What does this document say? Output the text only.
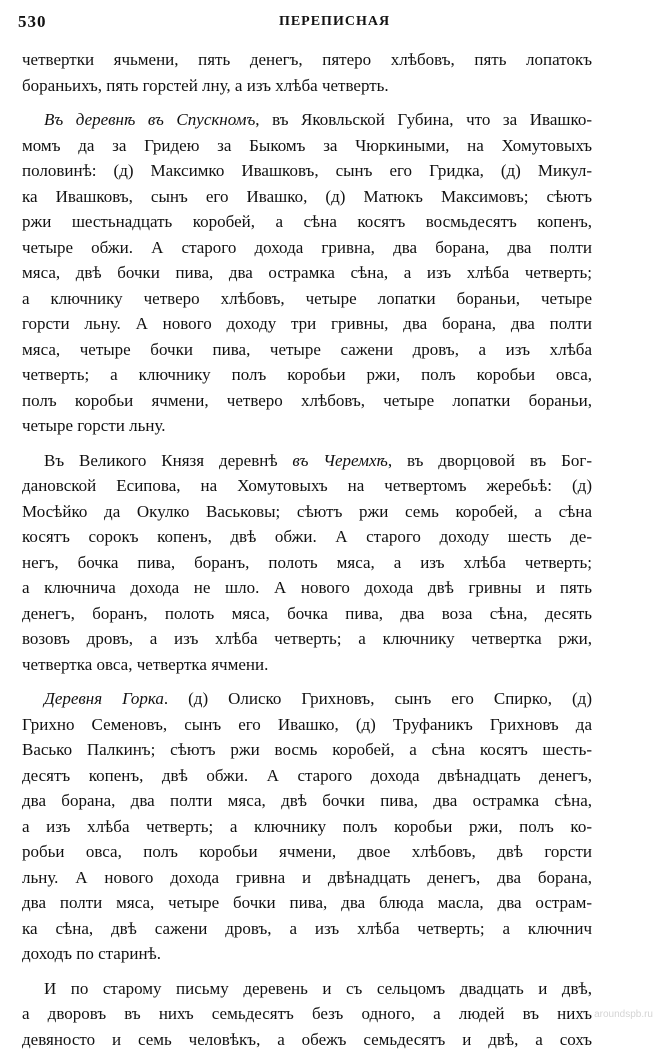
530	ПЕРЕПИСНАЯ
четвертки ячьмени, пять денегъ, пятеро хлѣбовъ, пять лопатокъ
бораньихъ, пять горстей лну, а изъ хлѣба четверть.
Въ деревнѣ въ Спускномъ, въ Яковльской Губина, что за Ивашко-
момъ да за Гридею за Быкомъ за Чюркиными, на Хомутовыхъ
половинѣ: (д) Максимко Ивашковъ, сынъ его Гридка, (д) Микул-
ка Ивашковъ, сынъ его Ивашко, (д) Матюкъ Максимовъ; сѣютъ
ржи шестьнадцать коробей, а сѣна косятъ восмьдесятъ копенъ,
четыре обжи. А старого дохода гривна, два борана, два полти
мяса, двѣ бочки пива, два острамка сѣна, а изъ хлѣба четверть;
а ключнику четверо хлѣбовъ, четыре лопатки бораньи, четыре
горсти льну. А нового доходу три гривны, два борана, два полти
мяса, четыре бочки пива, четыре сажени дровъ, а изъ хлѣба
четверть; а ключнику полъ коробьи ржи, полъ коробьи овса,
полъ коробьи ячмени, четверо хлѣбовъ, четыре лопатки бораньи,
четыре горсти льну.
Въ Великого Князя деревнѣ въ Черемхѣ, въ дворцовой въ Бог-
дановской Есипова, на Хомутовыхъ на четвертомъ жеребьѣ: (д)
Мосѣйко да Окулко Васьковы; сѣютъ ржи семь коробей, а сѣна
косятъ сорокъ копенъ, двѣ обжи. А старого доходу шесть де-
негъ, бочка пива, боранъ, полоть мяса, а изъ хлѣба четверть;
а ключнича дохода не шло. А нового дохода двѣ гривны и пять
денегъ, боранъ, полоть мяса, бочка пива, два воза сѣна, десять
возовъ дровъ, а изъ хлѣба четверть; а ключнику четвертка ржи,
четвертка овса, четвертка ячмени.
Деревня Горка. (д) Олиско Грихновъ, сынъ его Спирко, (д)
Грихно Семеновъ, сынъ его Ивашко, (д) Труфаникъ Грихновъ да
Васько Палкинъ; сѣютъ ржи восмь коробей, а сѣна косятъ шесть-
десятъ копенъ, двѣ обжи. А старого дохода двѣнадцать денегъ,
два борана, два полти мяса, двѣ бочки пива, два острамка сѣна,
а изъ хлѣба четверть; а ключнику полъ коробьи ржи, полъ ко-
робьи овса, полъ коробьи ячмени, двое хлѣбовъ, двѣ горсти
льну. А нового дохода гривна и двѣнадцать денегъ, два борана,
два полти мяса, четыре бочки пива, два блюда масла, два острам-
ка сѣна, двѣ сажени дровъ, а изъ хлѣба четверть; а ключнич
доходъ по старинѣ.
И по старому письму деревень и съ сельцомъ двадцать и двѣ,
а дворовъ въ нихъ семьдесятъ безъ одного, а людей въ нихъ
девяносто и семь человѣкъ, а обежъ семьдесятъ и двѣ, а сохъ
aroundspb.ru
